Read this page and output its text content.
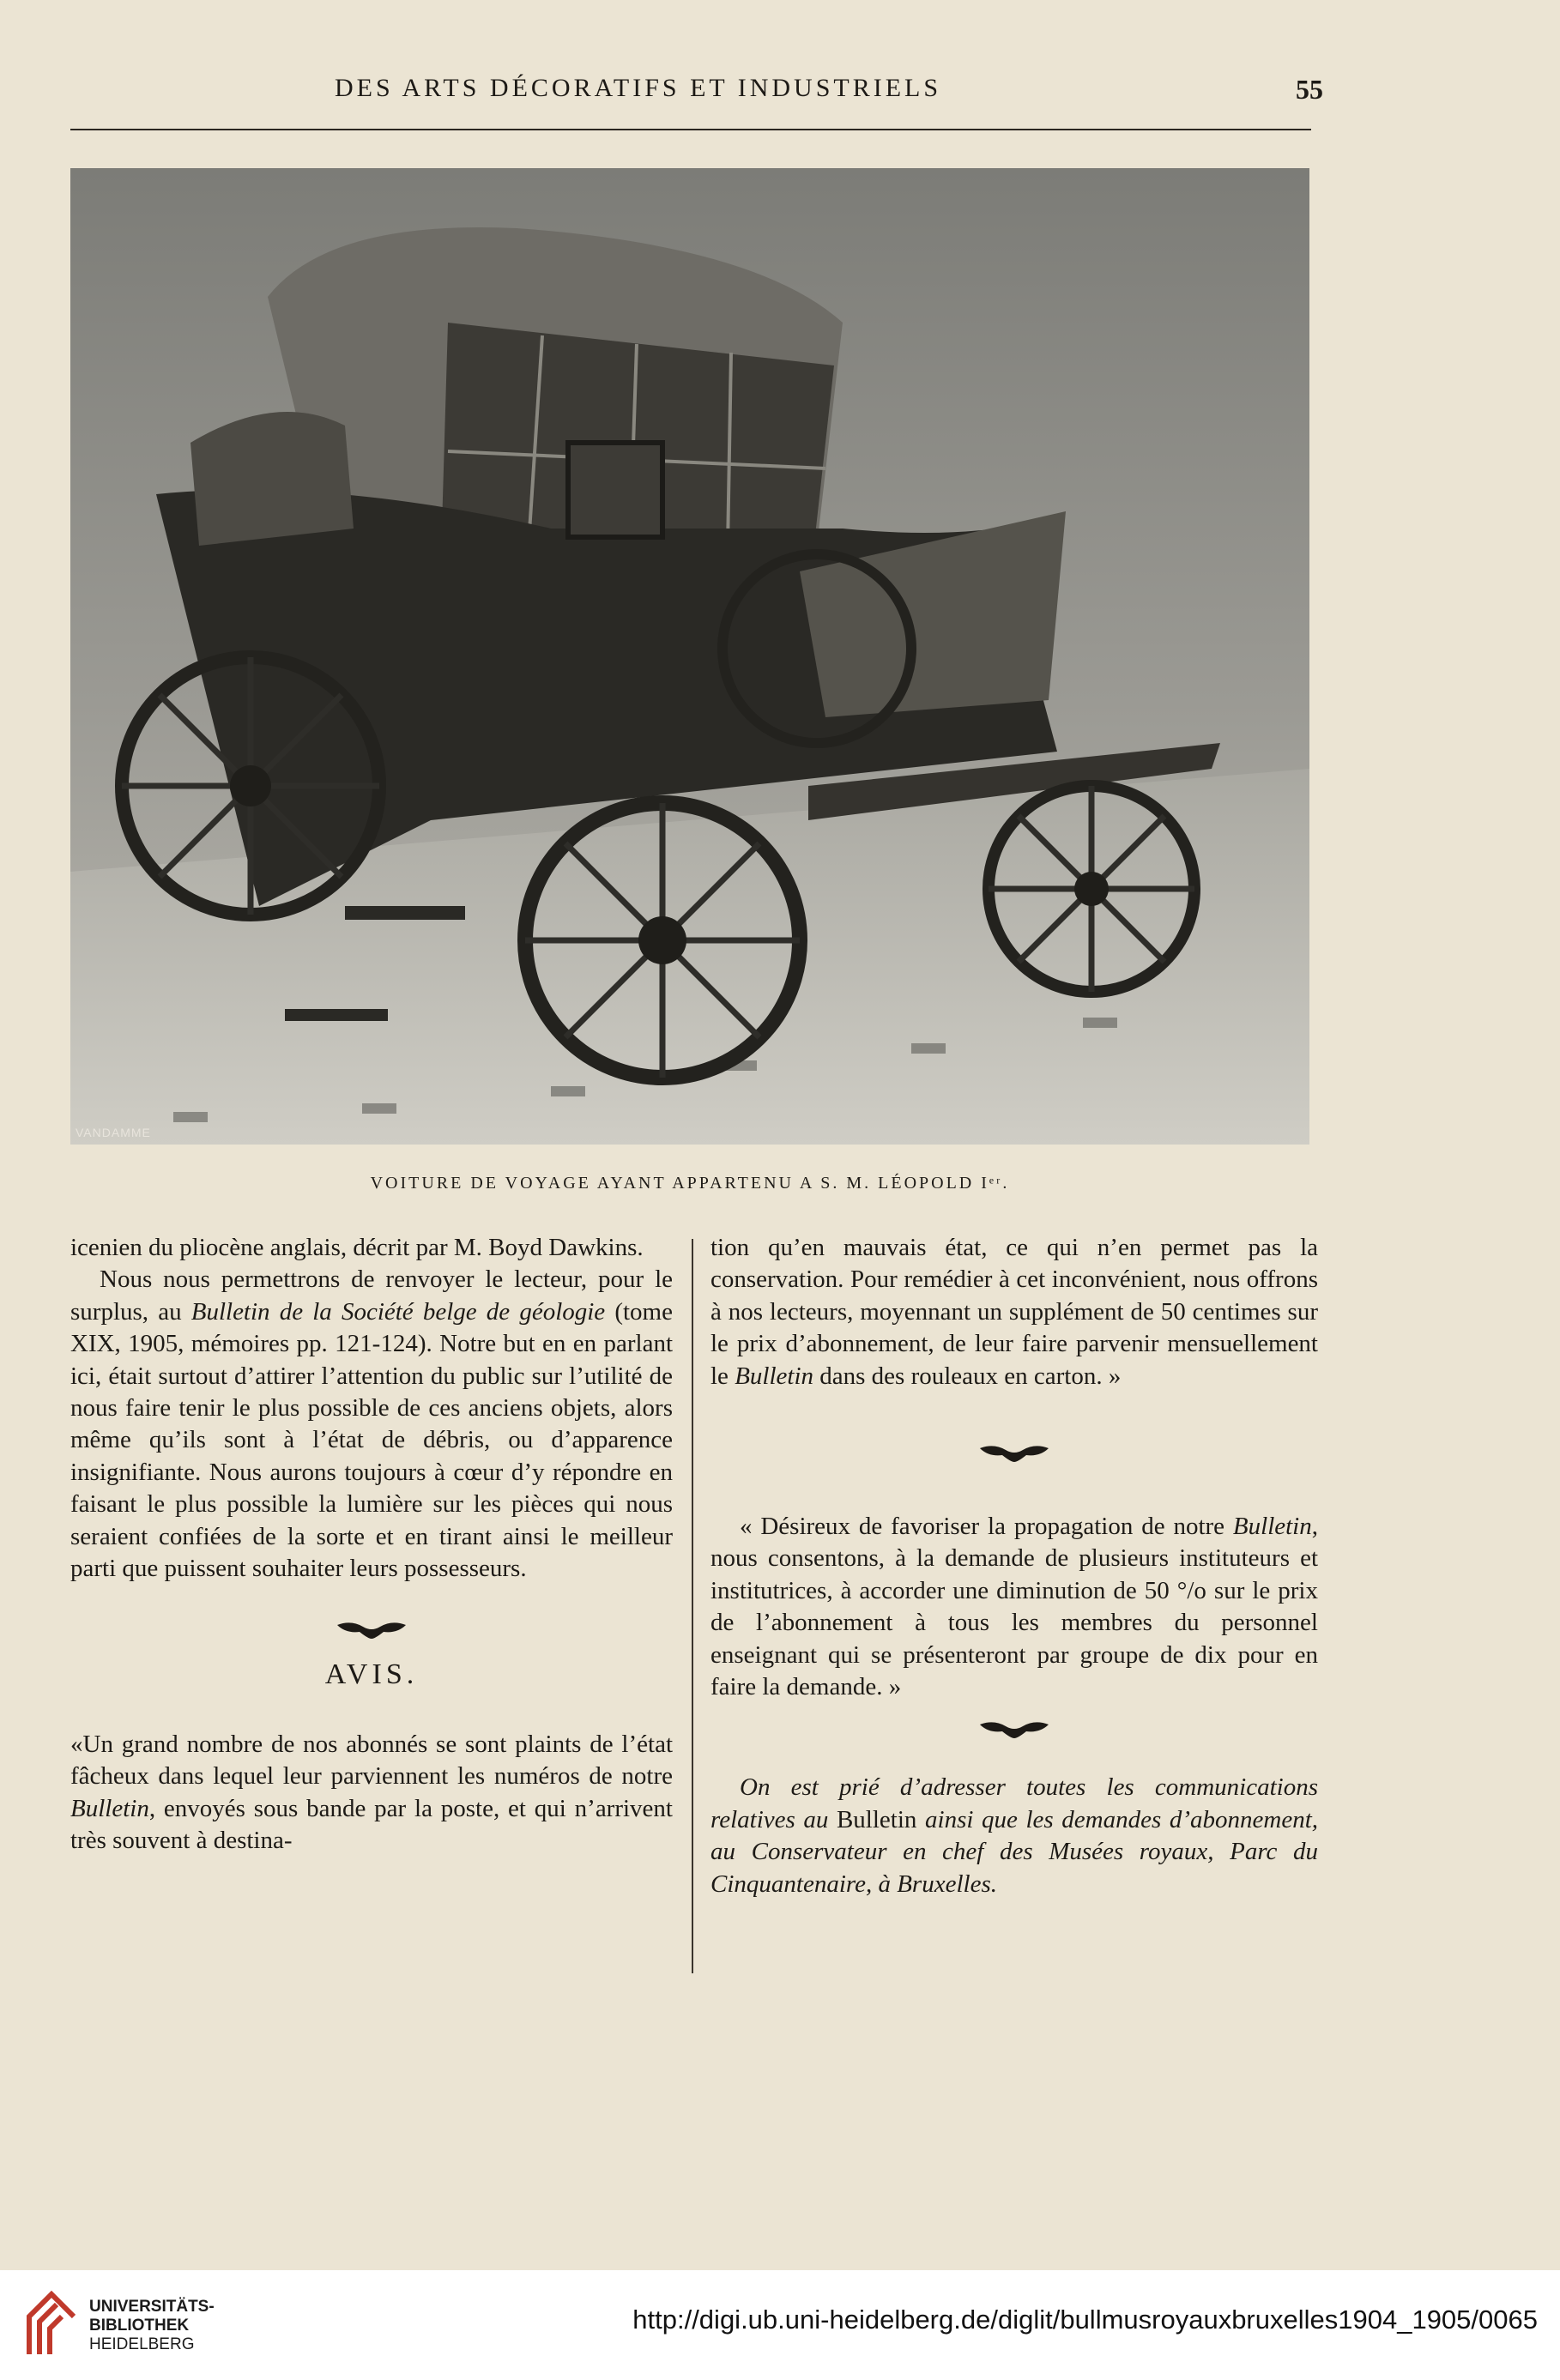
DES ARTS DÉCORATIFS ET INDUSTRIELS	55
VANDAMME
VOITURE DE VOYAGE AYANT APPARTENU A S. M. LÉOPOLD Iᵉʳ.

icenien du pliocène anglais, décrit par M. Boyd Dawkins.

Nous nous permettrons de renvoyer le lecteur, pour le surplus, au Bulletin de la Société belge de géologie (tome XIX, 1905, mémoires pp. 121-124). Notre but en en parlant ici, était surtout d’attirer l’attention du public sur l’utilité de nous faire tenir le plus possible de ces anciens objets, alors même qu’ils sont à l’état de débris, ou d’apparence insignifiante. Nous aurons toujours à cœur d’y répondre en faisant le plus possible la lumière sur les pièces qui nous seraient confiées de la sorte et en tirant ainsi le meilleur parti que puissent souhaiter leurs possesseurs.

AVIS.

«Un grand nombre de nos abonnés se sont plaints de l’état fâcheux dans lequel leur parviennent les numéros de notre Bulletin, envoyés sous bande par la poste, et qui n’arrivent très souvent à destina-

tion qu’en mauvais état, ce qui n’en permet pas la conservation. Pour remédier à cet inconvénient, nous offrons à nos lecteurs, moyennant un supplément de 50 centimes sur le prix d’abonnement, de leur faire parvenir mensuellement le Bulletin dans des rouleaux en carton. »

« Désireux de favoriser la propagation de notre Bulletin, nous consentons, à la demande de plusieurs instituteurs et institutrices, à accorder une diminution de 50 °/o sur le prix de l’abonnement à tous les membres du personnel enseignant qui se présenteront par groupe de dix pour en faire la demande. »

On est prié d’adresser toutes les communications relatives au Bulletin ainsi que les demandes d’abonnement, au Conservateur en chef des Musées royaux, Parc du Cinquantenaire, à Bruxelles.

UNIVERSITÄTS-
BIBLIOTHEK
HEIDELBERG
http://digi.ub.uni-heidelberg.de/diglit/bullmusroyauxbruxelles1904_1905/0065
